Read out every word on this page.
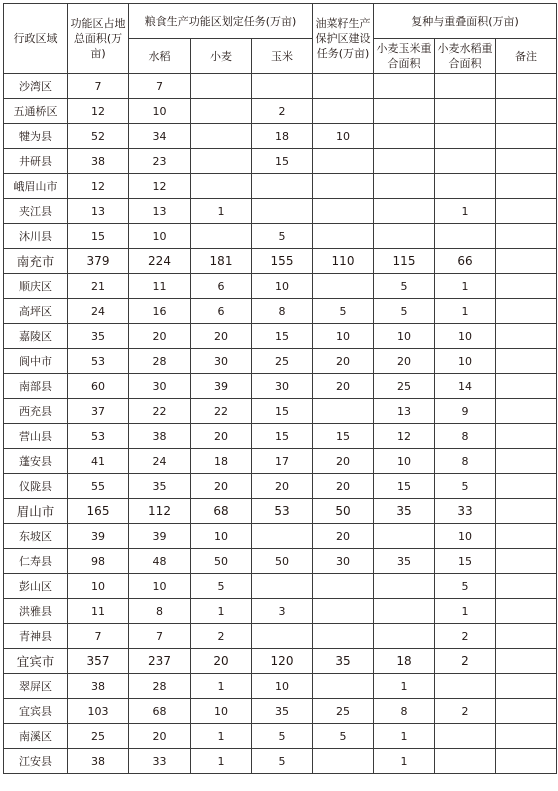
行政区域	功能区占地总面积(万亩)	粮食生产功能区划定任务(万亩)			油菜籽生产保护区建设任务(万亩)	复种与重叠面积(万亩)		
		水稻	小麦	玉米		小麦玉米重合面积	小麦水稻重合面积	备注
沙湾区	7	7						
五通桥区	12	10		2				
犍为县	52	34		18	10			
井研县	38	23		15				
峨眉山市	12	12						
夹江县	13	13	1				1	
沐川县	15	10		5				
南充市	379	224	181	155	110	115	66	
顺庆区	21	11	6	10		5	1	
高坪区	24	16	6	8	5	5	1	
嘉陵区	35	20	20	15	10	10	10	
阆中市	53	28	30	25	20	20	10	
南部县	60	30	39	30	20	25	14	
西充县	37	22	22	15		13	9	
营山县	53	38	20	15	15	12	8	
蓬安县	41	24	18	17	20	10	8	
仪陇县	55	35	20	20	20	15	5	
眉山市	165	112	68	53	50	35	33	
东坡区	39	39	10		20		10	
仁寿县	98	48	50	50	30	35	15	
彭山区	10	10	5				5	
洪雅县	11	8	1	3			1	
青神县	7	7	2				2	
宜宾市	357	237	20	120	35	18	2	
翠屏区	38	28	1	10		1		
宜宾县	103	68	10	35	25	8	2	
南溪区	25	20	1	5	5	1		
江安县	38	33	1	5		1		
